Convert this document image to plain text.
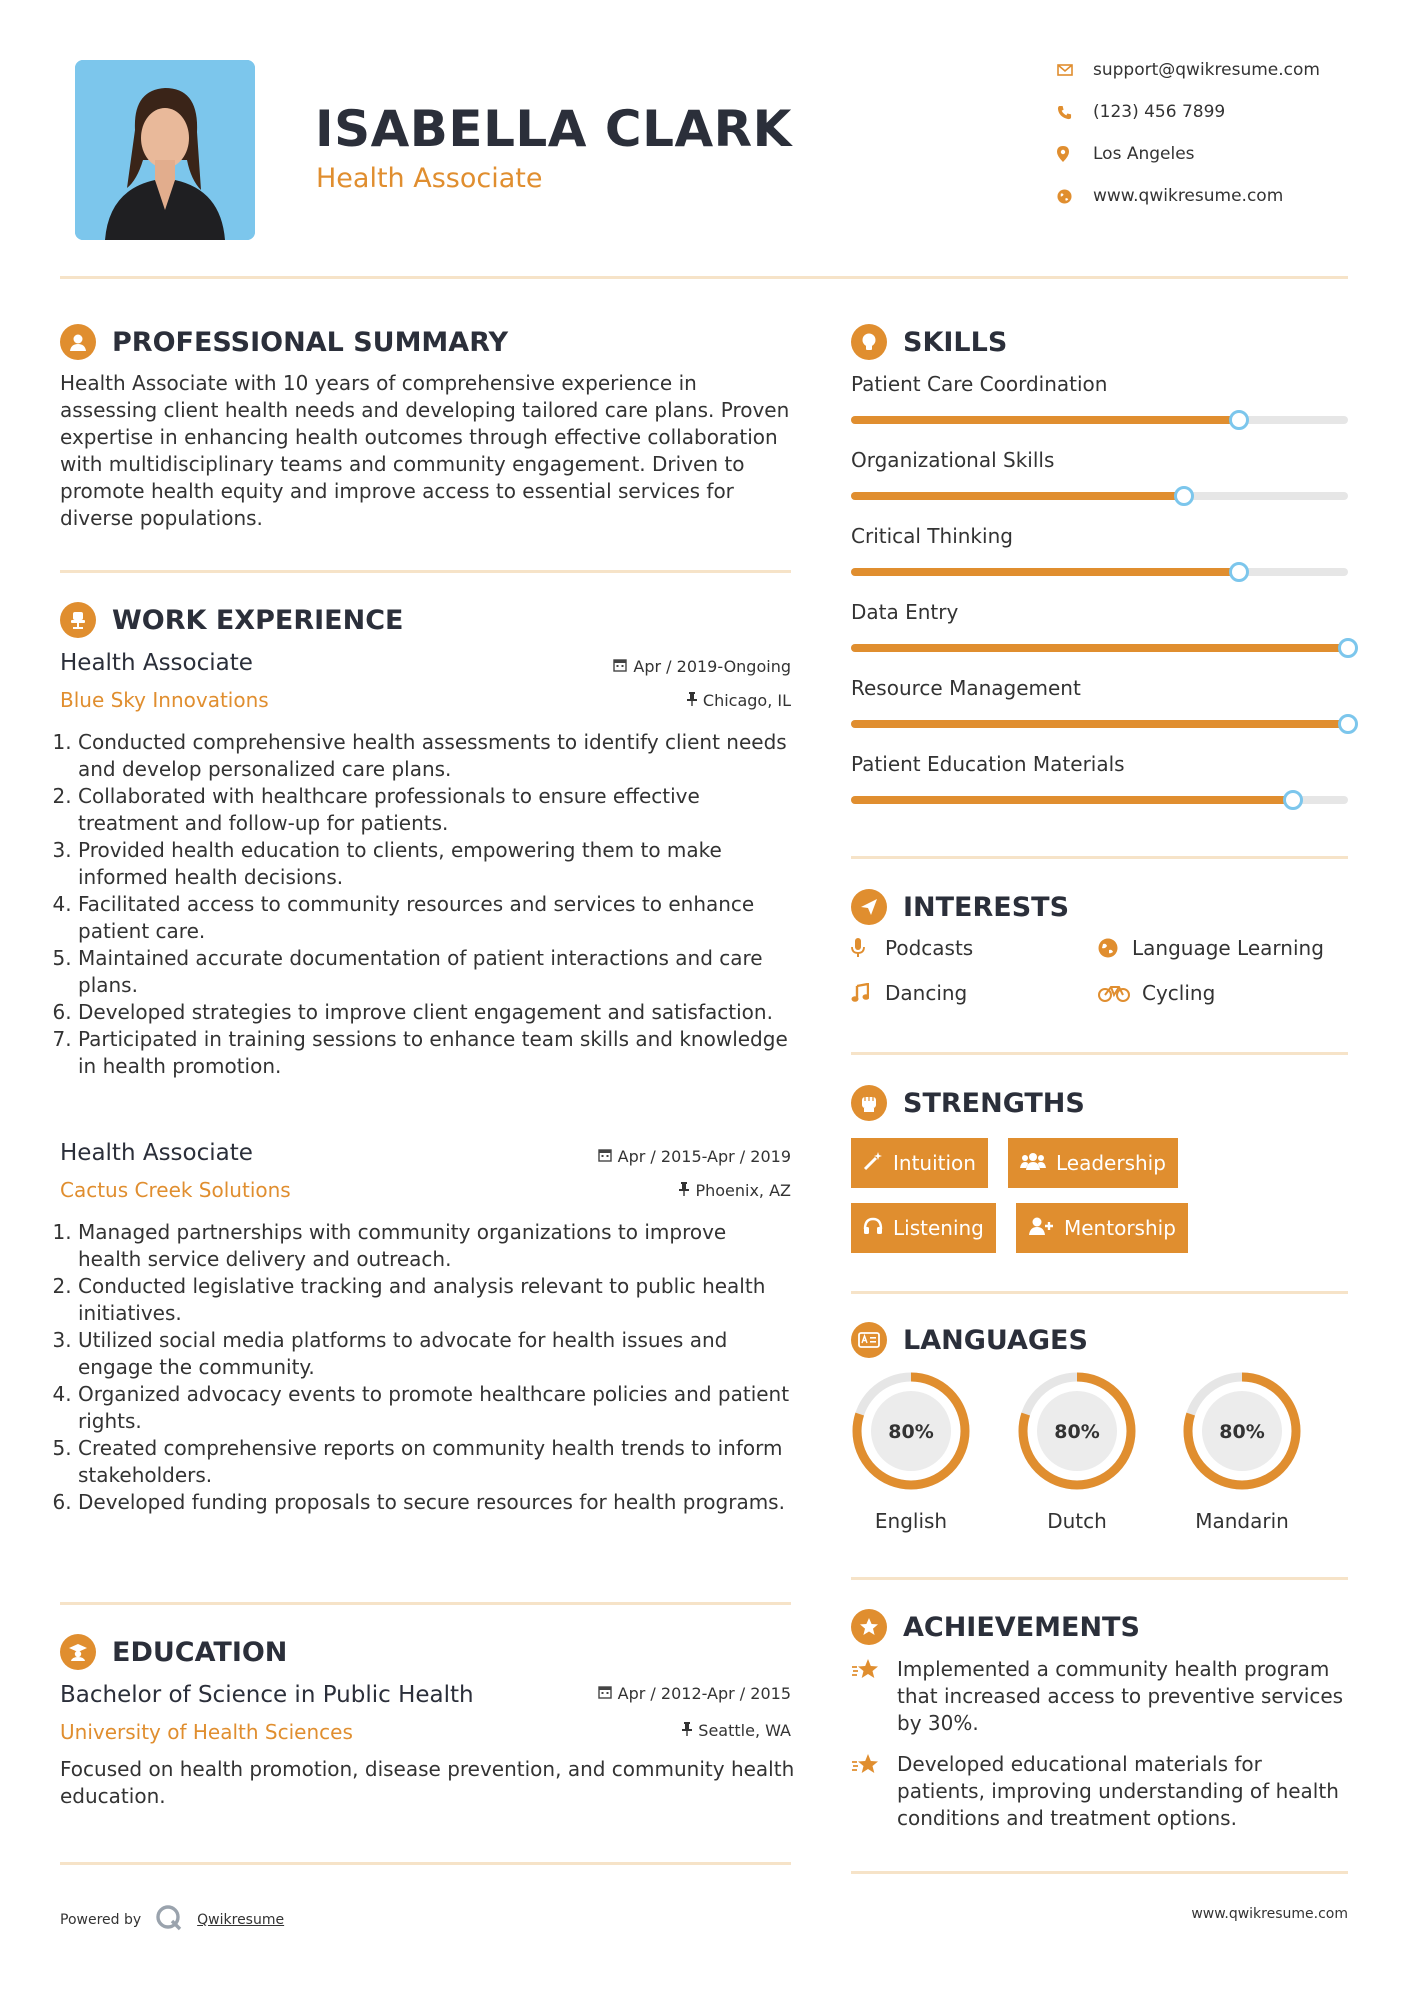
ISABELLA CLARK
Health Associate
support@qwikresume.com
(123) 456 7899
Los Angeles
www.qwikresume.com
PROFESSIONAL SUMMARY
Health Associate with 10 years of comprehensive experience in assessing client health needs and developing tailored care plans. Proven expertise in enhancing health outcomes through effective collaboration with multidisciplinary teams and community engagement. Driven to promote health equity and improve access to essential services for diverse populations.
WORK EXPERIENCE
Health Associate	Apr / 2019-Ongoing
Blue Sky Innovations	Chicago, IL
1. Conducted comprehensive health assessments to identify client needs and develop personalized care plans.
2. Collaborated with healthcare professionals to ensure effective treatment and follow-up for patients.
3. Provided health education to clients, empowering them to make informed health decisions.
4. Facilitated access to community resources and services to enhance patient care.
5. Maintained accurate documentation of patient interactions and care plans.
6. Developed strategies to improve client engagement and satisfaction.
7. Participated in training sessions to enhance team skills and knowledge in health promotion.
Health Associate	Apr / 2015-Apr / 2019
Cactus Creek Solutions	Phoenix, AZ
1. Managed partnerships with community organizations to improve health service delivery and outreach.
2. Conducted legislative tracking and analysis relevant to public health initiatives.
3. Utilized social media platforms to advocate for health issues and engage the community.
4. Organized advocacy events to promote healthcare policies and patient rights.
5. Created comprehensive reports on community health trends to inform stakeholders.
6. Developed funding proposals to secure resources for health programs.
EDUCATION
Bachelor of Science in Public Health	Apr / 2012-Apr / 2015
University of Health Sciences	Seattle, WA
Focused on health promotion, disease prevention, and community health education.
SKILLS
Patient Care Coordination
Organizational Skills
Critical Thinking
Data Entry
Resource Management
Patient Education Materials
INTERESTS
Podcasts	Language Learning
Dancing	Cycling
STRENGTHS
Intuition	Leadership
Listening	Mentorship
LANGUAGES
80%
English
80%
Dutch
80%
Mandarin
ACHIEVEMENTS
Implemented a community health program that increased access to preventive services by 30%.
Developed educational materials for patients, improving understanding of health conditions and treatment options.
Powered by	Qwikresume	www.qwikresume.com
